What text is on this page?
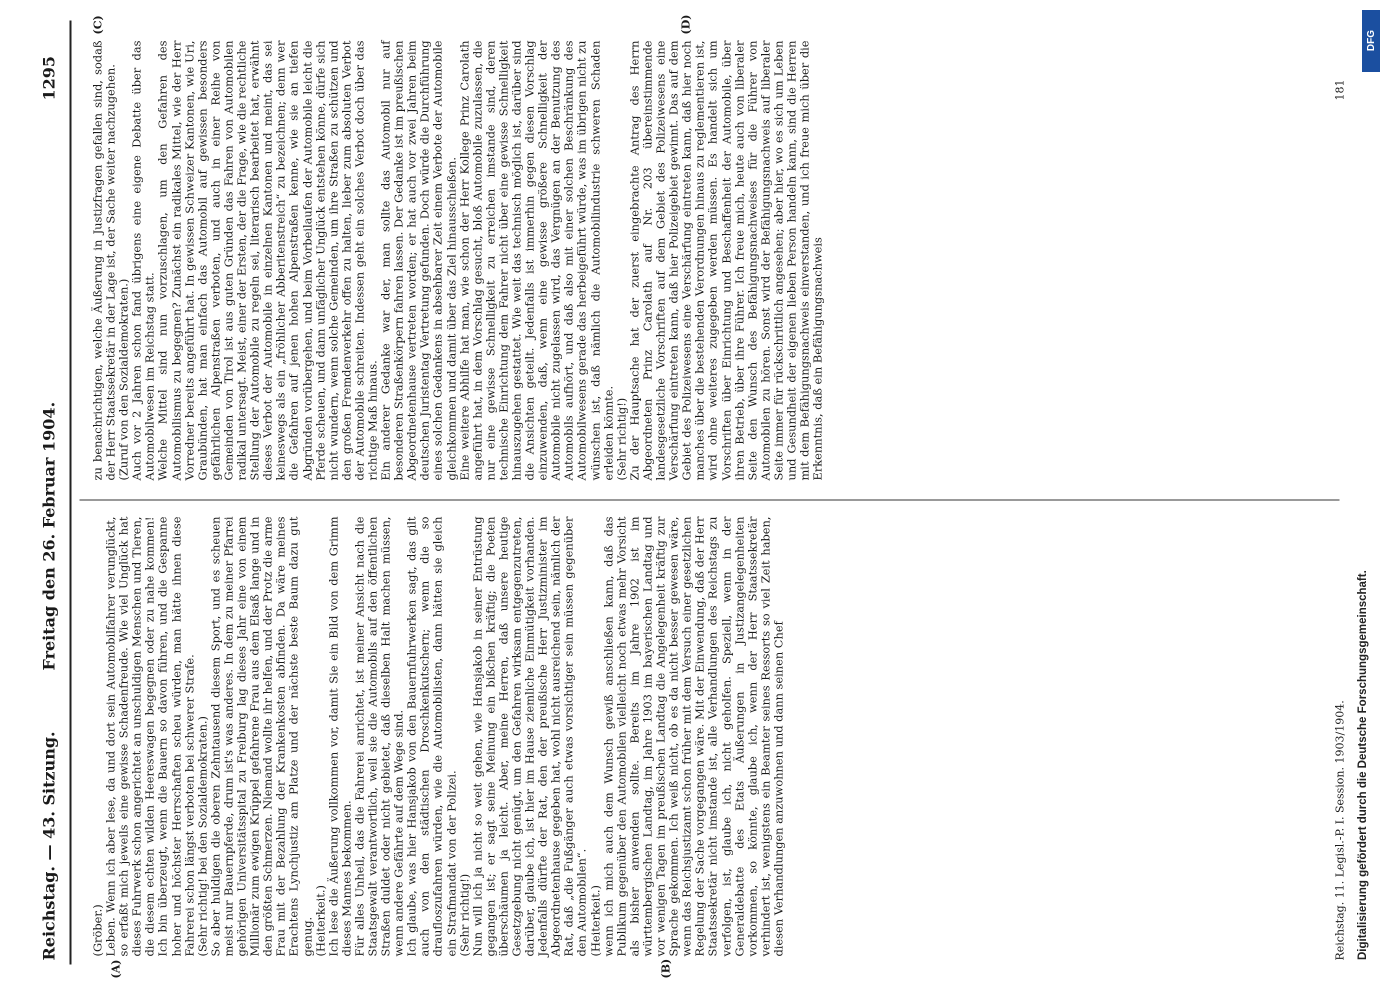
Reichstag. — 43. Sitzung.
Freitag den 26. Februar 1904.
1295
(A)	(B)
(C)	(D)
(Gröber.)
Leben. Wenn ich aber lese, da und dort sein Automobilfahrer verunglückt, so erfaßt mich jeweils eine gewisse Schadenfreude. Wie viel Unglück hat dieses Fuhrwerk schon angerichtet an unschuldigen Menschen und Tieren, die diesem echten wilden Heereswagen begegnen oder zu nahe kommen! Ich bin überzeugt, wenn die Bauern so davon führen, und die Gespanne hoher und höchster Herrschaften scheu würden, man hätte ihnen diese Fahrerei schon längst verboten bei schwerer Strafe.
(Sehr richtig! bei den Sozialdemokraten.)
So aber huldigen die oberen Zehntausend diesem Sport, und es scheuen meist nur Bauernpferde, drum ist's was anderes. In dem zu meiner Pfarrei gehörigen Universitätsspital zu Freiburg lag dieses Jahr eine von einem Millionär zum ewigen Krüppel gefahrene Frau aus dem Elsaß lange und in den größten Schmerzen. Niemand wollte ihr helfen, und der Protz die arme Frau mit der Bezahlung der Krankenkosten abfinden. Da wäre meines Erachtens Lynchjustiz am Platze und der nächste beste Baum dazu gut genug.
(Heiterkeit.)
Ich lese die Äußerung vollkommen vor, damit Sie ein Bild von dem Grimm dieses Mannes bekommen.
Für alles Unheil, das die Fahrerei anrichtet, ist meiner Ansicht nach die Staatsgewalt verantwortlich, weil sie die Automobils auf den öffentlichen Straßen duldet oder nicht gebietet, daß dieselben Halt machen müssen, wenn andere Gefährte auf dem Wege sind.
Ich glaube, was hier Hansjakob von den Bauernfuhrwerken sagt, das gilt auch von den städtischen Droschkenkutschern; wenn die so draufloszufahren würden, wie die Automobilisten, dann hätten sie gleich ein Strafmandat von der Polizei.
(Sehr richtig!)
Nun will ich ja nicht so weit gehen, wie Hansjakob in seiner Entrüstung gegangen ist; er sagt seine Meinung ein bißchen kräftig; die Poeten überschäumen ja leicht. Aber, meine Herren, daß unsere heutige Gesetzgebung nicht genügt, um den Gefahren wirksam entgegenzutreten, darüber, glaube ich, ist hier im Hause ziemliche Einmütigkeit vorhanden. Jedenfalls dürfte der Rat, den der preußische Herr Justizminister im Abgeordnetenhause gegeben hat, wohl nicht ausreichend sein, nämlich der Rat, daß „die Fußgänger auch etwas vorsichtiger sein müssen gegenüber den Automobilen“.
(Heiterkeit.)
wenn ich mich auch dem Wunsch gewiß anschließen kann, daß das Publikum gegenüber den Automobilen vielleicht noch etwas mehr Vorsicht als bisher anwenden sollte. Bereits im Jahre 1902 ist im württembergischen Landtag, im Jahre 1903 im bayerischen Landtag und vor wenigen Tagen im preußischen Landtag die Angelegenheit kräftig zur Sprache gekommen. Ich weiß nicht, ob es da nicht besser gewesen wäre, wenn das Reichsjustizamt schon früher mit dem Versuch einer gesetzlichen Regelung der Sache vorgegangen wäre. Mit der Einwendung, daß der Herr Staatssekretär nicht imstande ist, alle Verhandlungen des Reichstags zu verfolgen, ist, glaube ich, nicht geholfen. Speziell, wenn in der Generaldebatte des Etats Äußerungen in Justizangelegenheiten vorkommen, so könnte, glaube ich, wenn der Herr Staatssekretär verhindert ist, wenigstens ein Beamter seines Ressorts so viel Zeit haben, diesen Verhandlungen anzuwohnen und dann seinen Chef
zu benachrichtigen, welche Äußerung in Justizfragen gefallen sind, sodaß der Herr Staatssekretär in der Lage ist, der Sache weiter nachzugehen.
(Zuruf von den Sozialdemokraten.)
Auch vor 2 Jahren schon fand übrigens eine eigene Debatte über das Automobilwesen im Reichstag statt.
Welche Mittel sind nun vorzuschlagen, um den Gefahren des Automobilismus zu begegnen? Zunächst ein radikales Mittel, wie der Herr Vorredner bereits angeführt hat. In gewissen Schweizer Kantonen, wie Uri, Graubünden, hat man einfach das Automobil auf gewissen besonders gefährlichen Alpenstraßen verboten, und auch in einer Reihe von Gemeinden von Tirol ist aus guten Gründen das Fahren von Automobilen radikal untersagt. Meist, einer der Ersten, der die Frage, wie die rechtliche Stellung der Automobile zu regeln sei, literarisch bearbeitet hat, erwähnt dieses Verbot der Automobile in einzelnen Kantonen und meint, das sei keineswegs als ein „fröhlicher Abberitenstreich“ zu bezeichnen; denn wer die Gefahren auf jenen hohen Alpenstraßen kenne, wie sie an tiefen Abgründen vorübergehen, und beim Vorbeilaufen der Automobile leicht die Pferde scheuen, und dann unfäglicher Unglück entstehen könne, dürfe sich nicht wundern, wenn solche Gemeinden, um ihre Straßen zu schützen und den großen Fremdenverkehr offen zu halten, lieber zum absoluten Verbot der Automobile schreiten. Indessen geht ein solches Verbot doch über das richtige Maß hinaus.
Ein anderer Gedanke war der, man sollte das Automobil nur auf besonderen Straßenkörpern fahren lassen. Der Gedanke ist im preußischen Abgeordnetenhause vertreten worden; er hat auch vor zwei Jahren beim deutschen Juristentag Vertretung gefunden. Doch würde die Durchführung eines solchen Gedankens in absehbarer Zeit einem Verbote der Automobile gleichkommen und damit über das Ziel hinausschießen.
Eine weitere Abhilfe hat man, wie schon der Herr Kollege Prinz Carolath angeführt hat, in dem Vorschlag gesucht, bloß Automobile zuzulassen, die nur eine gewisse Schnelligkeit zu erreichen imstande sind, deren technische Einrichtung dem Fahrer nicht über eine gewisse Schnelligkeit hinauszugehen gestattet. Wie weit das technisch möglich ist, darüber sind die Ansichten geteilt. Jedenfalls ist immerhin gegen diesen Vorschlag einzuwenden, daß, wenn eine gewisse größere Schnelligkeit der Automobile nicht zugelassen wird, das Vergnügen an der Benutzung des Automobils aufhört, und daß also mit einer solchen Beschränkung des Automobilwesens gerade das herbeigeführt würde, was im übrigen nicht zu wünschen ist, daß nämlich die Automobilindustrie schweren Schaden erleiden könnte.
(Sehr richtig!)
Zu der Hauptsache hat der zuerst eingebrachte Antrag des Herrn Abgeordneten Prinz Carolath auf Nr. 203 übereinstimmende landesgesetzliche Vorschriften auf dem Gebiet des Polizeiwesens eine Verschärfung eintreten kann, daß hier Polizeigebiet gewinnt. Das auf dem Gebiet des Polizeiwesens eine Verschärfung eintreten kann, daß hier noch manches über die bestehenden Verordnungen hinaus zu reglementieren ist, wird ohne weiteres zugegeben werden müssen. Es handelt sich um Vorschriften über Einrichtung und Beschaffenheit der Automobile, über ihren Betrieb, über ihre Führer. Ich freue mich, heute auch von liberaler Seite den Wunsch des Befähigungsnachweises für die Führer von Automobilen zu hören. Sonst wird der Befähigungsnachweis auf liberaler Seite immer für rückschrittlich angesehen; aber hier, wo es sich um Leben und Gesundheit der eigenen lieben Person handeln kann, sind die Herren mit dem Befähigungsnachweis einverstanden, und ich freue mich über die Erkenntnis, daß ein Befähigungsnachweis
Reichstag. 11. Legisl.-P. I. Session. 1903/1904.
181
DFG
Digitalisierung gefördert durch die Deutsche Forschungsgemeinschaft.
